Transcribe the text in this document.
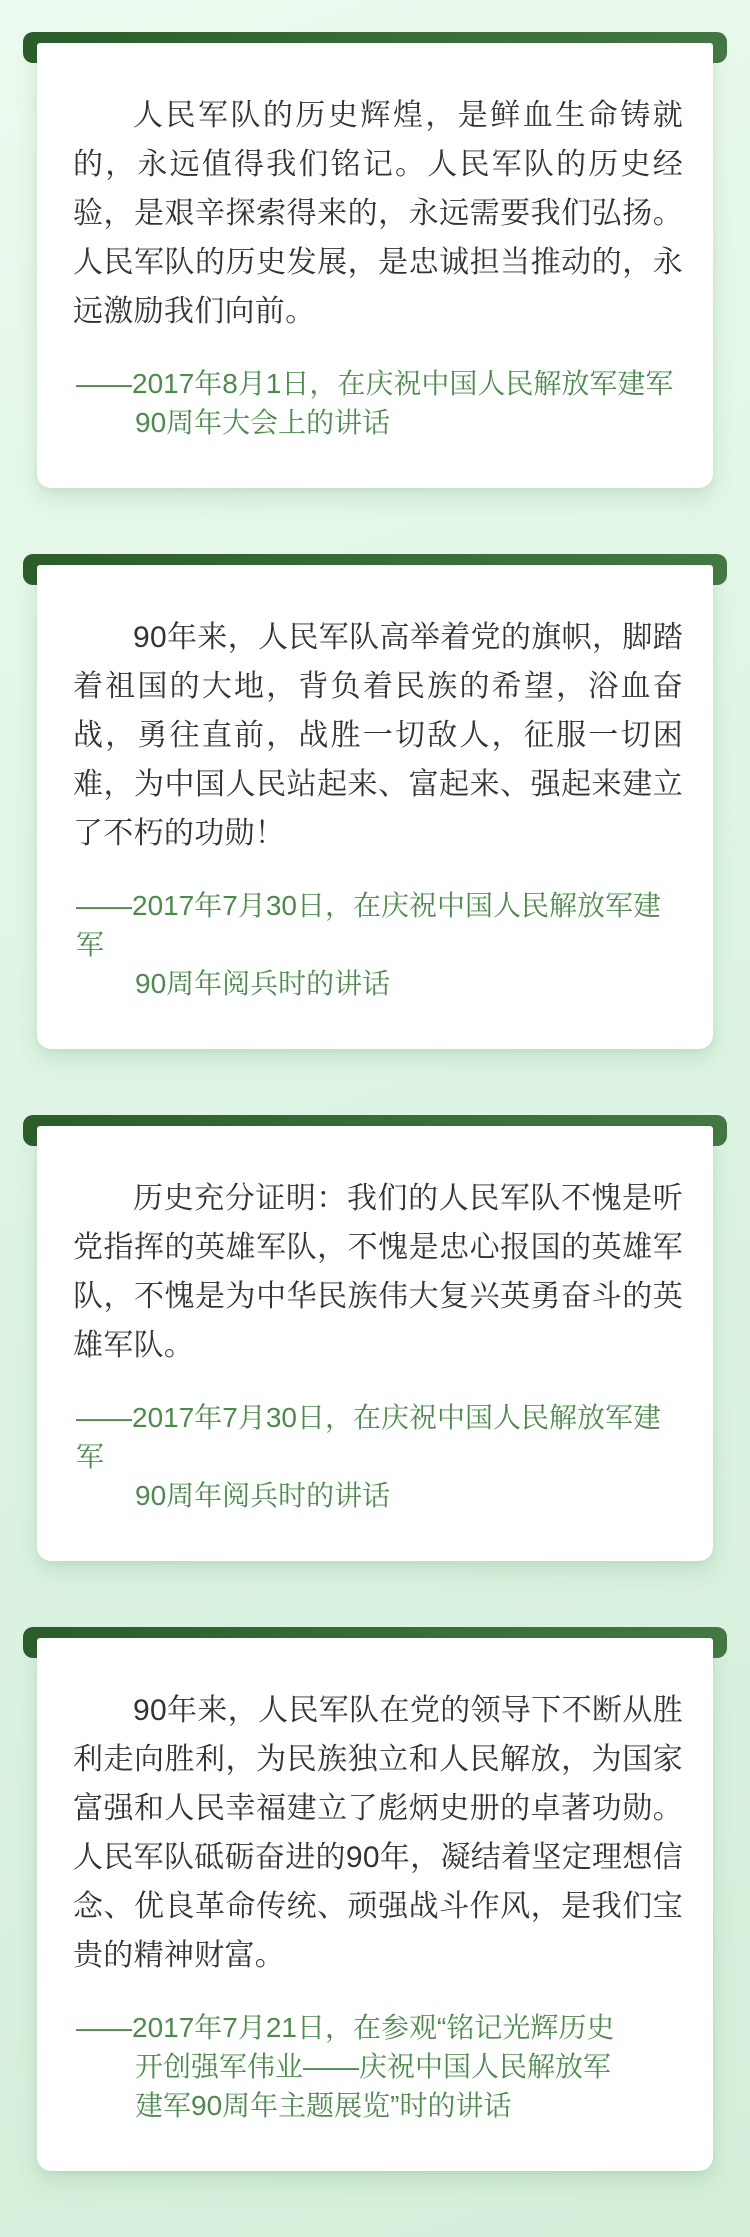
人民军队的历史辉煌，是鲜血生命铸就的，永远值得我们铭记。人民军队的历史经验，是艰辛探索得来的，永远需要我们弘扬。人民军队的历史发展，是忠诚担当推动的，永远激励我们向前。

——2017年8月1日，在庆祝中国人民解放军建军
90周年大会上的讲话

90年来，人民军队高举着党的旗帜，脚踏着祖国的大地，背负着民族的希望，浴血奋战，勇往直前，战胜一切敌人，征服一切困难，为中国人民站起来、富起来、强起来建立了不朽的功勋！

——2017年7月30日，在庆祝中国人民解放军建军
90周年阅兵时的讲话

历史充分证明：我们的人民军队不愧是听党指挥的英雄军队，不愧是忠心报国的英雄军队，不愧是为中华民族伟大复兴英勇奋斗的英雄军队。

——2017年7月30日，在庆祝中国人民解放军建军
90周年阅兵时的讲话

90年来，人民军队在党的领导下不断从胜利走向胜利，为民族独立和人民解放，为国家富强和人民幸福建立了彪炳史册的卓著功勋。人民军队砥砺奋进的90年，凝结着坚定理想信念、优良革命传统、顽强战斗作风，是我们宝贵的精神财富。

——2017年7月21日，在参观“铭记光辉历史
开创强军伟业——庆祝中国人民解放军
建军90周年主题展览”时的讲话
